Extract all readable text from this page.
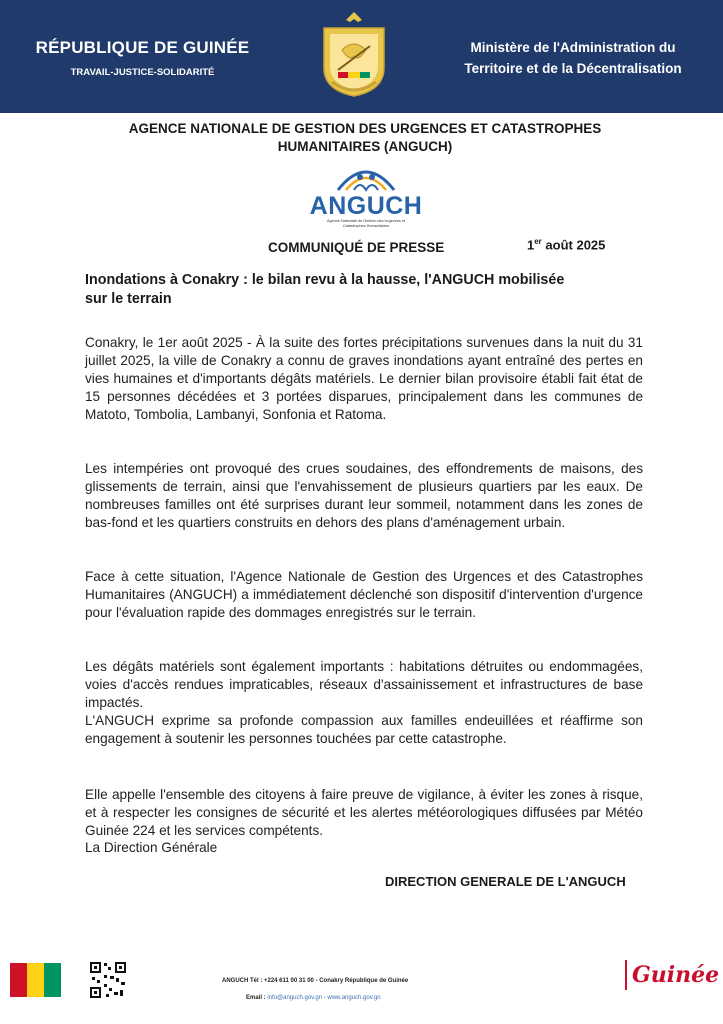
RÉPUBLIQUE DE GUINÉE
TRAVAIL-JUSTICE-SOLIDARITÉ
Ministère de l'Administration du
Territoire et de la Décentralisation
AGENCE NATIONALE DE GESTION DES URGENCES ET CATASTROPHES
HUMANITAIRES (ANGUCH)
ANGUCH
Agence Nationale de Gestion des Urgences et Catastrophes Humanitaires
COMMUNIQUÉ DE PRESSE	1er août 2025
Inondations à Conakry : le bilan revu à la hausse, l'ANGUCH mobilisée
sur le terrain
Conakry, le 1er août 2025 - À la suite des fortes précipitations survenues dans la nuit du 31 juillet 2025, la ville de Conakry a connu de graves inondations ayant entraîné des pertes en vies humaines et d'importants dégâts matériels. Le dernier bilan provisoire établi fait état de 15 personnes décédées et 3 portées disparues, principalement dans les communes de Matoto, Tombolia, Lambanyi, Sonfonia et Ratoma.
Les intempéries ont provoqué des crues soudaines, des effondrements de maisons, des glissements de terrain, ainsi que l'envahissement de plusieurs quartiers par les eaux. De nombreuses familles ont été surprises durant leur sommeil, notamment dans les zones de bas-fond et les quartiers construits en dehors des plans d'aménagement urbain.
Face à cette situation, l'Agence Nationale de Gestion des Urgences et des Catastrophes Humanitaires (ANGUCH) a immédiatement déclenché son dispositif d'intervention d'urgence pour l'évaluation rapide des dommages enregistrés sur le terrain.
Les dégâts matériels sont également importants : habitations détruites ou endommagées, voies d'accès rendues impraticables, réseaux d'assainissement et infrastructures de base impactés.
L'ANGUCH exprime sa profonde compassion aux familles endeuillées et réaffirme son engagement à soutenir les personnes touchées par cette catastrophe.
Elle appelle l'ensemble des citoyens à faire preuve de vigilance, à éviter les zones à risque, et à respecter les consignes de sécurité et les alertes météorologiques diffusées par Météo Guinée 224 et les services compétents.
La Direction Générale
DIRECTION GENERALE DE L'ANGUCH
ANGUCH Tél : +224 611 00 31 00 - Conakry République de Guinée
Email : info@anguch.gov.gn - www.anguch.gov.gn
Guinée
